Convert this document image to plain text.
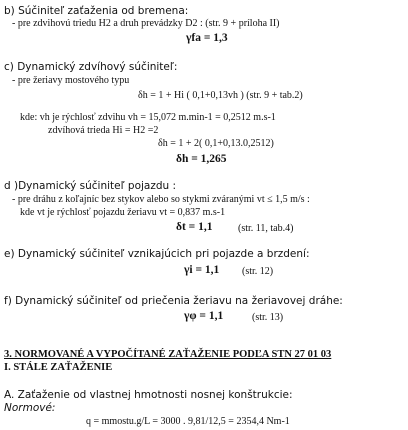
b) Súčiniteľ zaťaženia od bremena:
- pre zdvihovú triedu H2 a druh prevádzky D2 : (str. 9 + príloha II)
γfa = 1,3
c) Dynamický zdvíhový súčiniteľ:
- pre žeriavy mostového typu
δh = 1 + Hi ( 0,1+0,13vh ) (str. 9 + tab.2)
kde: vh je rýchlosť zdvihu vh = 15,072 m.min-1 = 0,2512 m.s-1
zdvíhová trieda Hi = H2 =2
δh = 1 + 2( 0,1+0,13.0,2512)
δh = 1,265
d )Dynamický súčiniteľ pojazdu :
- pre dráhu z koľajníc bez stykov alebo so stykmi zváranými vt ≤ 1,5 m/s :
kde vt je rýchlosť pojazdu žeriavu vt = 0,837 m.s-1
δt = 1,1	(str. 11, tab.4)
e) Dynamický súčiniteľ vznikajúcich pri pojazde a brzdení:
γi = 1,1 (str. 12)
f) Dynamický súčiniteľ od priečenia žeriavu na žeriavovej dráhe:
γφ = 1,1	(str. 13)
3. NORMOVANÉ A VYPOČÍTANÉ ZAŤAŽENIE PODĽA STN 27 01 03
I. STÁLE ZAŤAŽENIE
A. Zaťaženie od vlastnej hmotnosti nosnej konštrukcie:
Normové:
q = mmostu.g/L = 3000 . 9,81/12,5 = 2354,4 Nm-1
